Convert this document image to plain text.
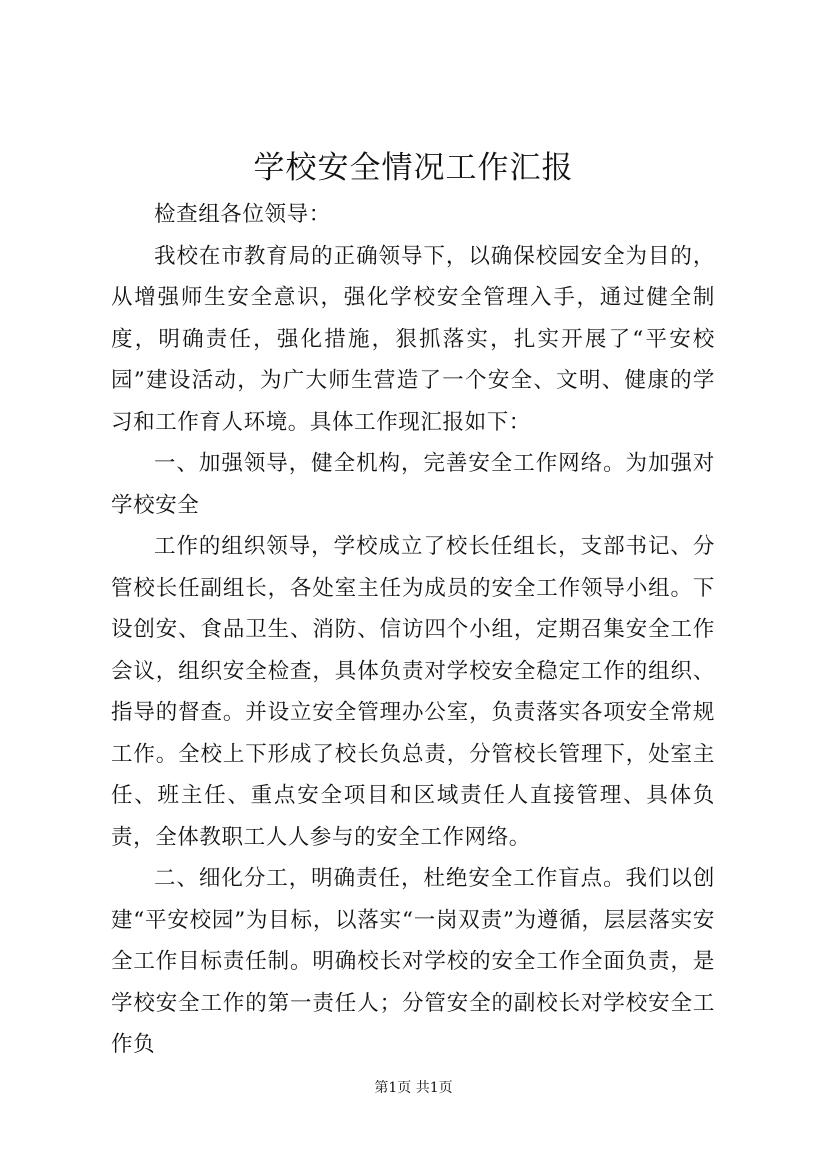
学校安全情况工作汇报

检查组各位领导：

我校在市教育局的正确领导下，以确保校园安全为目的，从增强师生安全意识，强化学校安全管理入手，通过健全制度，明确责任，强化措施，狠抓落实，扎实开展了“平安校园”建设活动，为广大师生营造了一个安全、文明、健康的学习和工作育人环境。具体工作现汇报如下：

一、加强领导，健全机构，完善安全工作网络。为加强对学校安全

工作的组织领导，学校成立了校长任组长，支部书记、分管校长任副组长，各处室主任为成员的安全工作领导小组。下设创安、食品卫生、消防、信访四个小组，定期召集安全工作会议，组织安全检查，具体负责对学校安全稳定工作的组织、指导的督查。并设立安全管理办公室，负责落实各项安全常规工作。全校上下形成了校长负总责，分管校长管理下，处室主任、班主任、重点安全项目和区域责任人直接管理、具体负责，全体教职工人人参与的安全工作网络。

二、细化分工，明确责任，杜绝安全工作盲点。我们以创建“平安校园”为目标，以落实“一岗双责”为遵循，层层落实安全工作目标责任制。明确校长对学校的安全工作全面负责，是学校安全工作的第一责任人；分管安全的副校长对学校安全工作负

第1页 共1页
